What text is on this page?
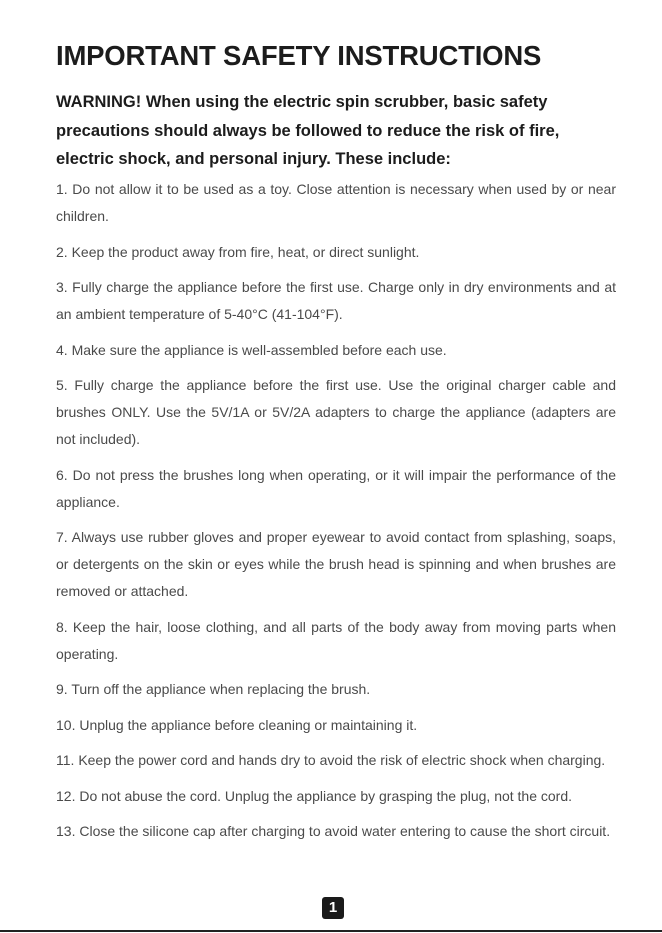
IMPORTANT SAFETY INSTRUCTIONS

WARNING! When using the electric spin scrubber, basic safety precautions should always be followed to reduce the risk of fire, electric shock, and personal injury. These include:

1. Do not allow it to be used as a toy. Close attention is necessary when used by or near children.
2. Keep the product away from fire, heat, or direct sunlight.
3. Fully charge the appliance before the first use. Charge only in dry environments and at an ambient temperature of 5-40°C (41-104°F).
4. Make sure the appliance is well-assembled before each use.
5. Fully charge the appliance before the first use. Use the original charger cable and brushes ONLY. Use the 5V/1A or 5V/2A adapters to charge the appliance (adapters are not included).
6. Do not press the brushes long when operating, or it will impair the performance of the appliance.
7. Always use rubber gloves and proper eyewear to avoid contact from splashing, soaps, or detergents on the skin or eyes while the brush head is spinning and when brushes are removed or attached.
8. Keep the hair, loose clothing, and all parts of the body away from moving parts when operating.
9. Turn off the appliance when replacing the brush.
10. Unplug the appliance before cleaning or maintaining it.
11. Keep the power cord and hands dry to avoid the risk of electric shock when charging.
12. Do not abuse the cord. Unplug the appliance by grasping the plug, not the cord.
13. Close the silicone cap after charging to avoid water entering to cause the short circuit.
1
